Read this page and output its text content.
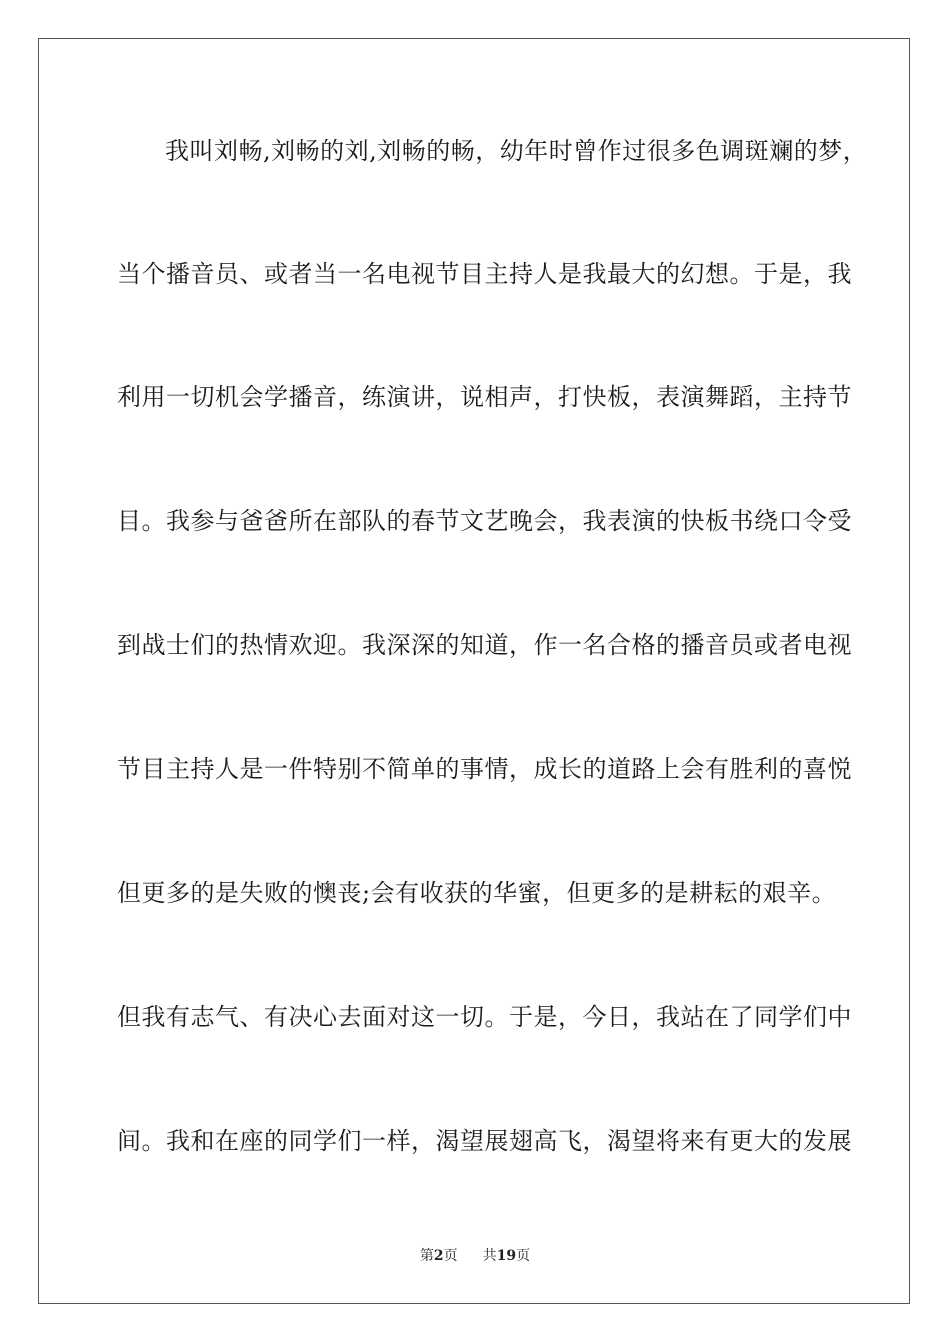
我叫刘畅,刘畅的刘,刘畅的畅，幼年时曾作过很多色调斑斓的梦，
当个播音员、或者当一名电视节目主持人是我最大的幻想。于是，我
利用一切机会学播音，练演讲，说相声，打快板，表演舞蹈，主持节
目。我参与爸爸所在部队的春节文艺晚会，我表演的快板书绕口令受
到战士们的热情欢迎。我深深的知道，作一名合格的播音员或者电视
节目主持人是一件特别不简单的事情，成长的道路上会有胜利的喜悦
但更多的是失败的懊丧;会有收获的华蜜，但更多的是耕耘的艰辛。
但我有志气、有决心去面对这一切。于是，今日，我站在了同学们中
间。我和在座的同学们一样，渴望展翅高飞，渴望将来有更大的发展
第2页 共19页
